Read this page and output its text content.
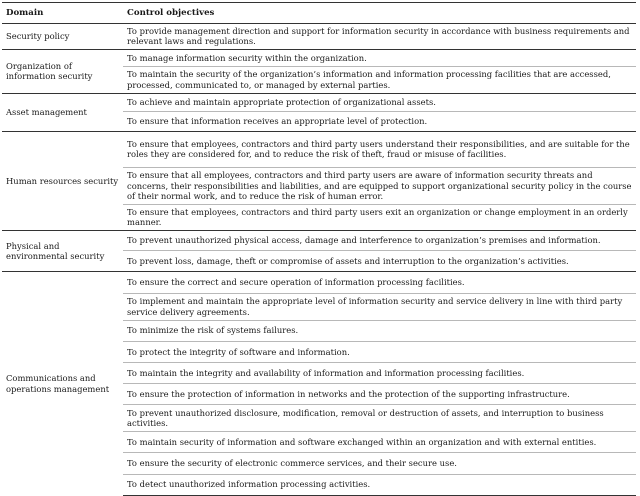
Domain	Control objectives
Security policy	To provide management direction and support for information security in accordance with business requirements and relevant laws and regulations.
Organization of information security	To manage information security within the organization.
	To maintain the security of the organization’s information and information processing facilities that are accessed, processed, communicated to, or managed by external parties.
Asset management	To achieve and maintain appropriate protection of organizational assets.
	To ensure that information receives an appropriate level of protection.
Human resources security	To ensure that employees, contractors and third party users understand their responsibilities, and are suitable for the roles they are considered for, and to reduce the risk of theft, fraud or misuse of facilities.
	To ensure that all employees, contractors and third party users are aware of information security threats and concerns, their responsibilities and liabilities, and are equipped to support organizational security policy in the course of their normal work, and to reduce the risk of human error.
	To ensure that employees, contractors and third party users exit an organization or change employment in an orderly manner.
Physical and environmental security	To prevent unauthorized physical access, damage and interference to organization’s premises and information.
	To prevent loss, damage, theft or compromise of assets and interruption to the organization’s activities.
Communications and operations management	To ensure the correct and secure operation of information processing facilities.
	To implement and maintain the appropriate level of information security and service delivery in line with third party service delivery agreements.
	To minimize the risk of systems failures.
	To protect the integrity of software and information.
	To maintain the integrity and availability of information and information processing facilities.
	To ensure the protection of information in networks and the protection of the supporting infrastructure.
	To prevent unauthorized disclosure, modification, removal or destruction of assets, and interruption to business activities.
	To maintain security of information and software exchanged within an organization and with external entities.
	To ensure the security of electronic commerce services, and their secure use.
	To detect unauthorized information processing activities.
